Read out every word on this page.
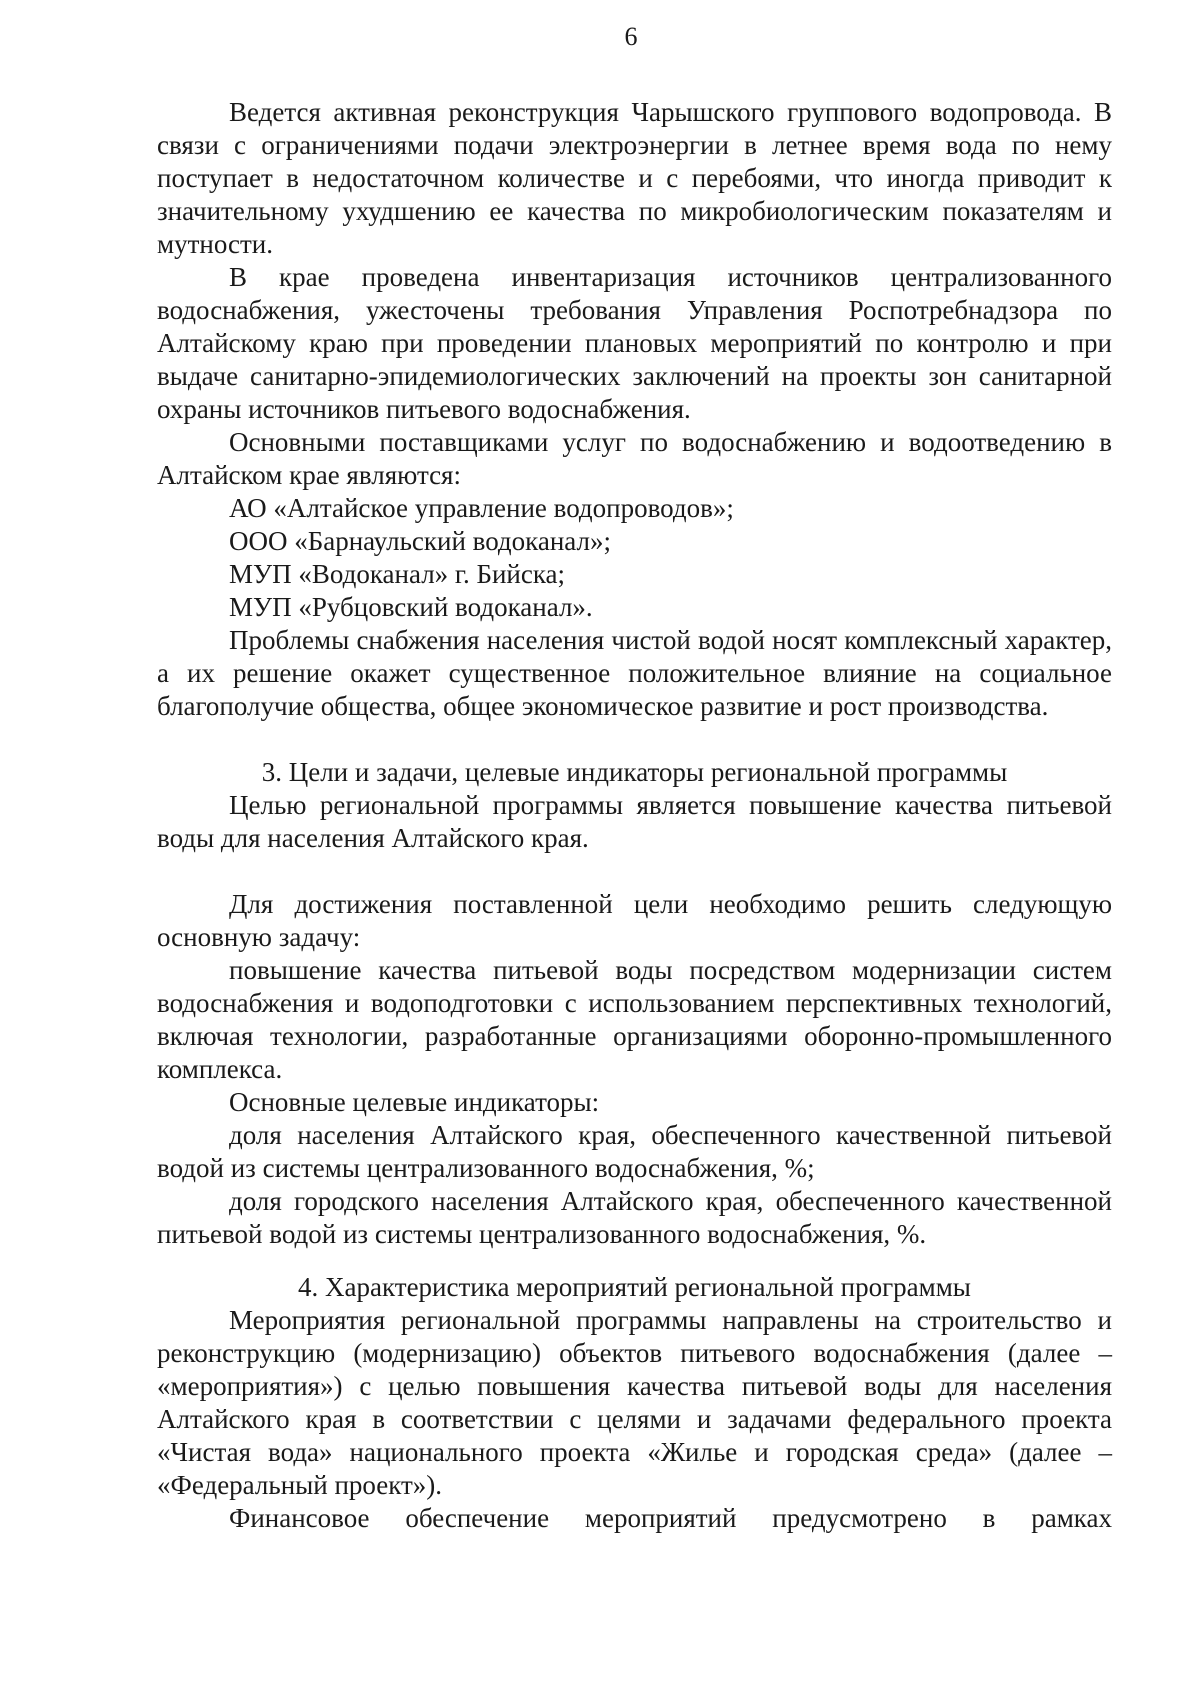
6

Ведется активная реконструкция Чарышского группового водопровода. В связи с ограничениями подачи электроэнергии в летнее время вода по нему поступает в недостаточном количестве и с перебоями, что иногда приводит к значительному ухудшению ее качества по микробиологическим показателям и мутности.

В крае проведена инвентаризация источников централизованного водоснабжения, ужесточены требования Управления Роспотребнадзора по Алтайскому краю при проведении плановых мероприятий по контролю и при выдаче санитарно-эпидемиологических заключений на проекты зон санитарной охраны источников питьевого водоснабжения.

Основными поставщиками услуг по водоснабжению и водоотведению в Алтайском крае являются:

АО «Алтайское управление водопроводов»;

ООО «Барнаульский водоканал»;

МУП «Водоканал» г. Бийска;

МУП «Рубцовский водоканал».

Проблемы снабжения населения чистой водой носят комплексный характер, а их решение окажет существенное положительное влияние на социальное благополучие общества, общее экономическое развитие и рост производства.

3. Цели и задачи, целевые индикаторы региональной программы

Целью региональной программы является повышение качества питьевой воды для населения Алтайского края.

Для достижения поставленной цели необходимо решить следующую основную задачу:

повышение качества питьевой воды посредством модернизации систем водоснабжения и водоподготовки с использованием перспективных технологий, включая технологии, разработанные организациями оборонно-промышленного комплекса.

Основные целевые индикаторы:

доля населения Алтайского края, обеспеченного качественной питьевой водой из системы централизованного водоснабжения, %;

доля городского населения Алтайского края, обеспеченного качественной питьевой водой из системы централизованного водоснабжения, %.

4. Характеристика мероприятий региональной программы

Мероприятия региональной программы направлены на строительство и реконструкцию (модернизацию) объектов питьевого водоснабжения (далее – «мероприятия») с целью повышения качества питьевой воды для населения Алтайского края в соответствии с целями и задачами федерального проекта «Чистая вода» национального проекта «Жилье и городская среда» (далее – «Федеральный проект»).

Финансовое обеспечение мероприятий предусмотрено в рамках
